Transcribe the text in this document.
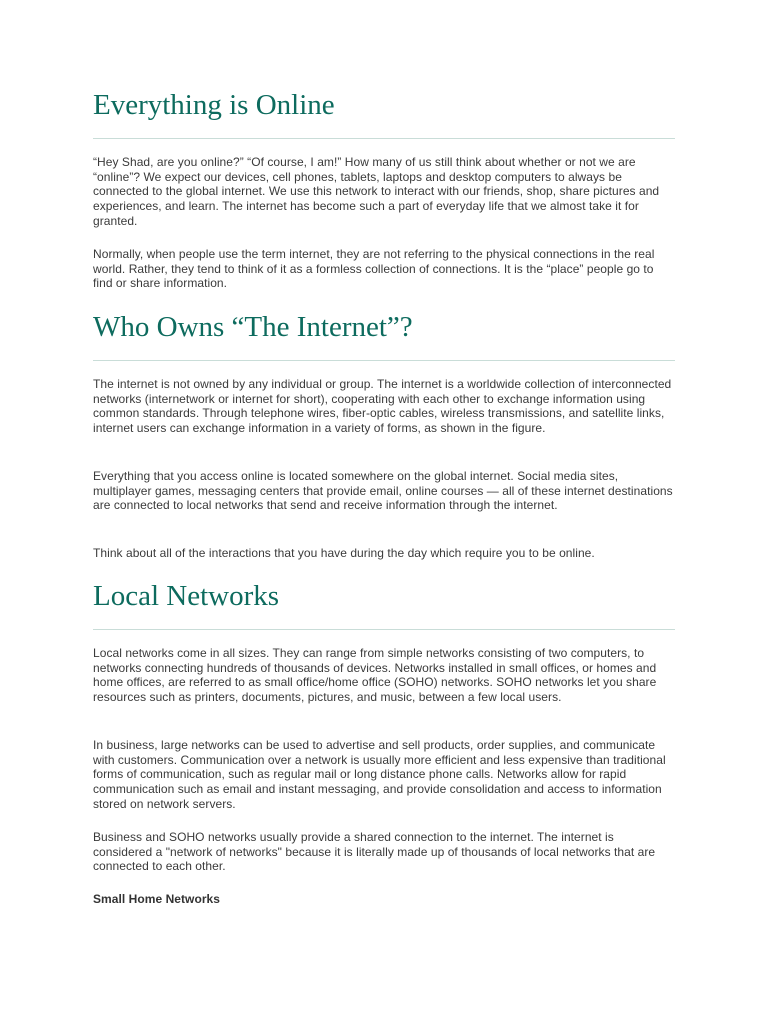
Everything is Online

“Hey Shad, are you online?” “Of course, I am!” How many of us still think about whether or not we are “online”? We expect our devices, cell phones, tablets, laptops and desktop computers to always be connected to the global internet. We use this network to interact with our friends, shop, share pictures and experiences, and learn. The internet has become such a part of everyday life that we almost take it for granted.

Normally, when people use the term internet, they are not referring to the physical connections in the real world. Rather, they tend to think of it as a formless collection of connections. It is the “place” people go to find or share information.

Who Owns “The Internet”?

The internet is not owned by any individual or group. The internet is a worldwide collection of interconnected networks (internetwork or internet for short), cooperating with each other to exchange information using common standards. Through telephone wires, fiber-optic cables, wireless transmissions, and satellite links, internet users can exchange information in a variety of forms, as shown in the figure.

Everything that you access online is located somewhere on the global internet. Social media sites, multiplayer games, messaging centers that provide email, online courses — all of these internet destinations are connected to local networks that send and receive information through the internet.

Think about all of the interactions that you have during the day which require you to be online.

Local Networks

Local networks come in all sizes. They can range from simple networks consisting of two computers, to networks connecting hundreds of thousands of devices. Networks installed in small offices, or homes and home offices, are referred to as small office/home office (SOHO) networks. SOHO networks let you share resources such as printers, documents, pictures, and music, between a few local users.

In business, large networks can be used to advertise and sell products, order supplies, and communicate with customers. Communication over a network is usually more efficient and less expensive than traditional forms of communication, such as regular mail or long distance phone calls. Networks allow for rapid communication such as email and instant messaging, and provide consolidation and access to information stored on network servers.

Business and SOHO networks usually provide a shared connection to the internet. The internet is considered a "network of networks" because it is literally made up of thousands of local networks that are connected to each other.

Small Home Networks
